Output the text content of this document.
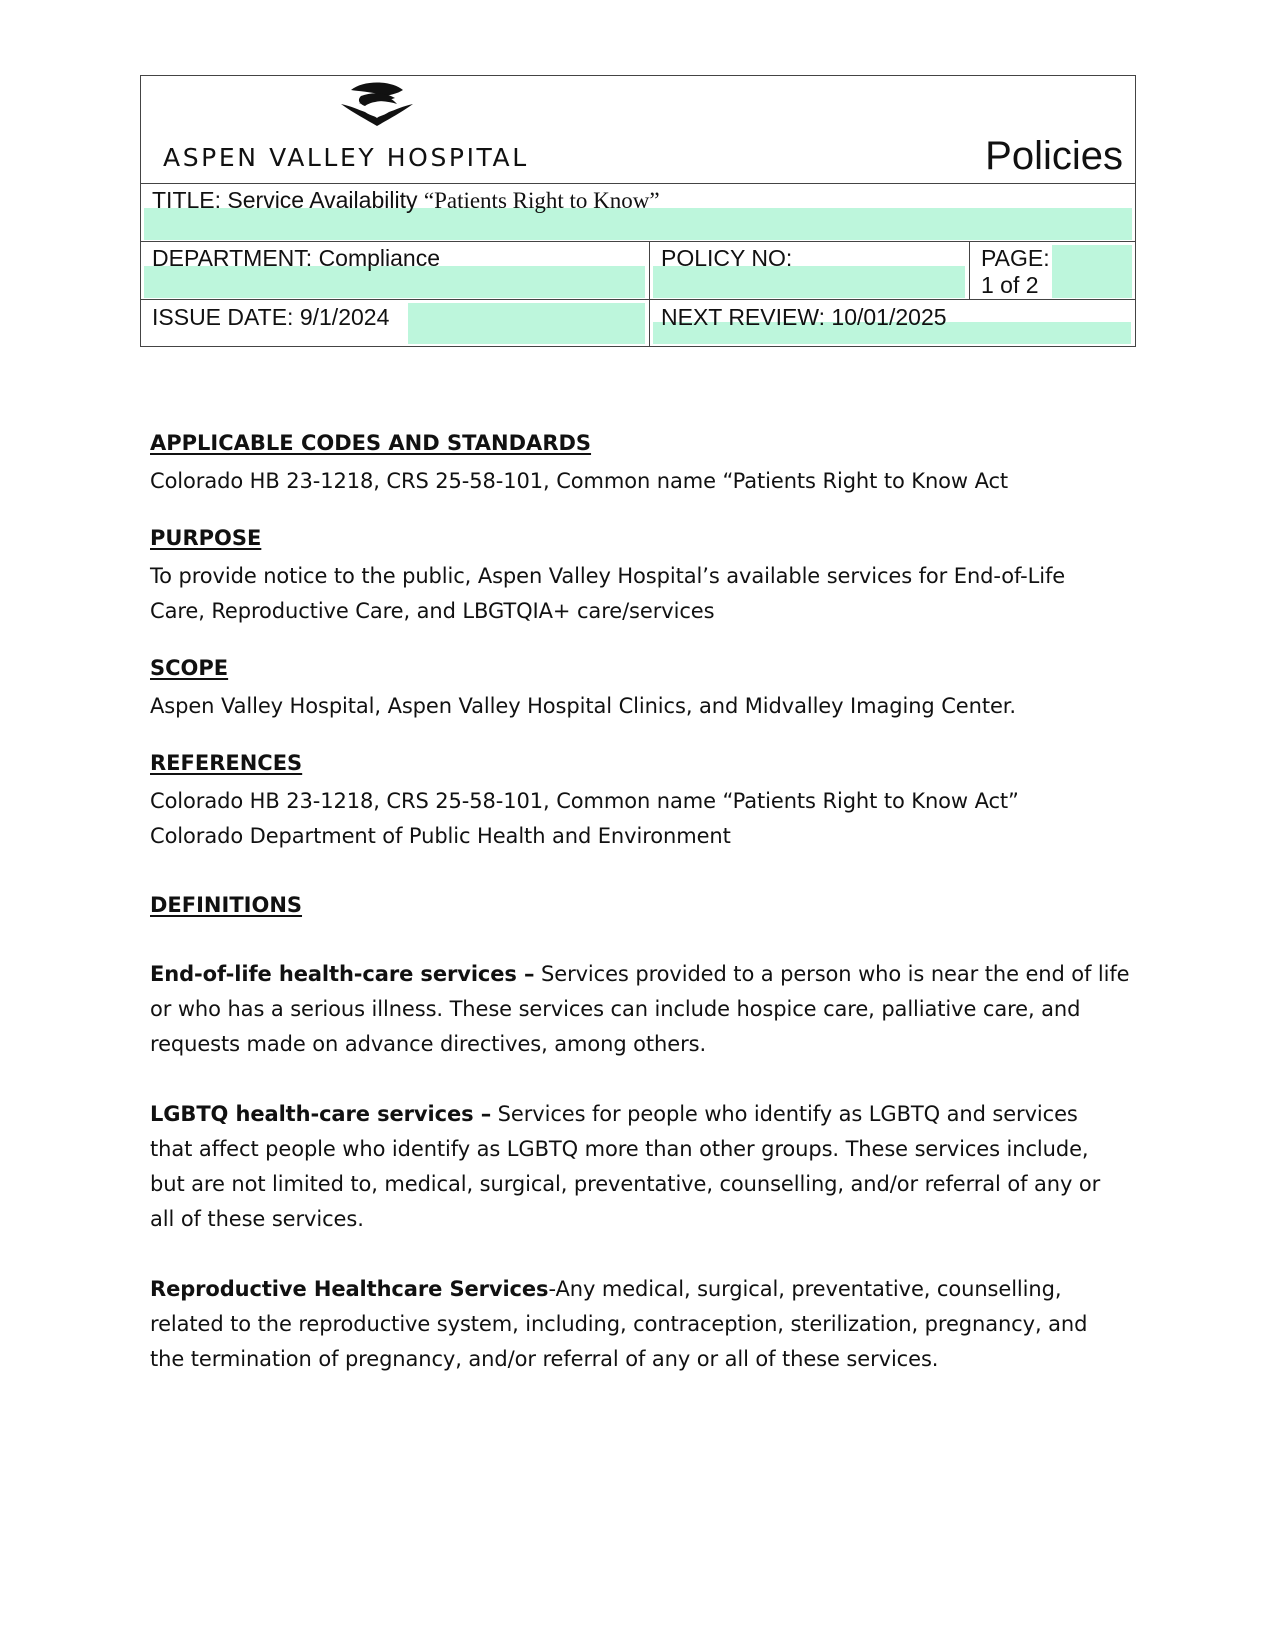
ASPEN VALLEY HOSPITAL	Policies
TITLE: Service Availability “Patients Right to Know”
DEPARTMENT: Compliance	POLICY NO:	PAGE:
1 of 2
ISSUE DATE: 9/1/2024	NEXT REVIEW: 10/01/2025

APPLICABLE CODES AND STANDARDS

Colorado HB 23-1218, CRS 25-58-101, Common name “Patients Right to Know Act

PURPOSE

To provide notice to the public, Aspen Valley Hospital’s available services for End-of-Life

Care, Reproductive Care, and LBGTQIA+ care/services

SCOPE

Aspen Valley Hospital, Aspen Valley Hospital Clinics, and Midvalley Imaging Center.

REFERENCES

Colorado HB 23-1218, CRS 25-58-101, Common name “Patients Right to Know Act”

Colorado Department of Public Health and Environment

DEFINITIONS

End-of-life health-care services – Services provided to a person who is near the end of life

or who has a serious illness. These services can include hospice care, palliative care, and

requests made on advance directives, among others.

LGBTQ health-care services – Services for people who identify as LGBTQ and services

that affect people who identify as LGBTQ more than other groups. These services include,

but are not limited to, medical, surgical, preventative, counselling, and/or referral of any or

all of these services.

Reproductive Healthcare Services-Any medical, surgical, preventative, counselling,

related to the reproductive system, including, contraception, sterilization, pregnancy, and

the termination of pregnancy, and/or referral of any or all of these services.
